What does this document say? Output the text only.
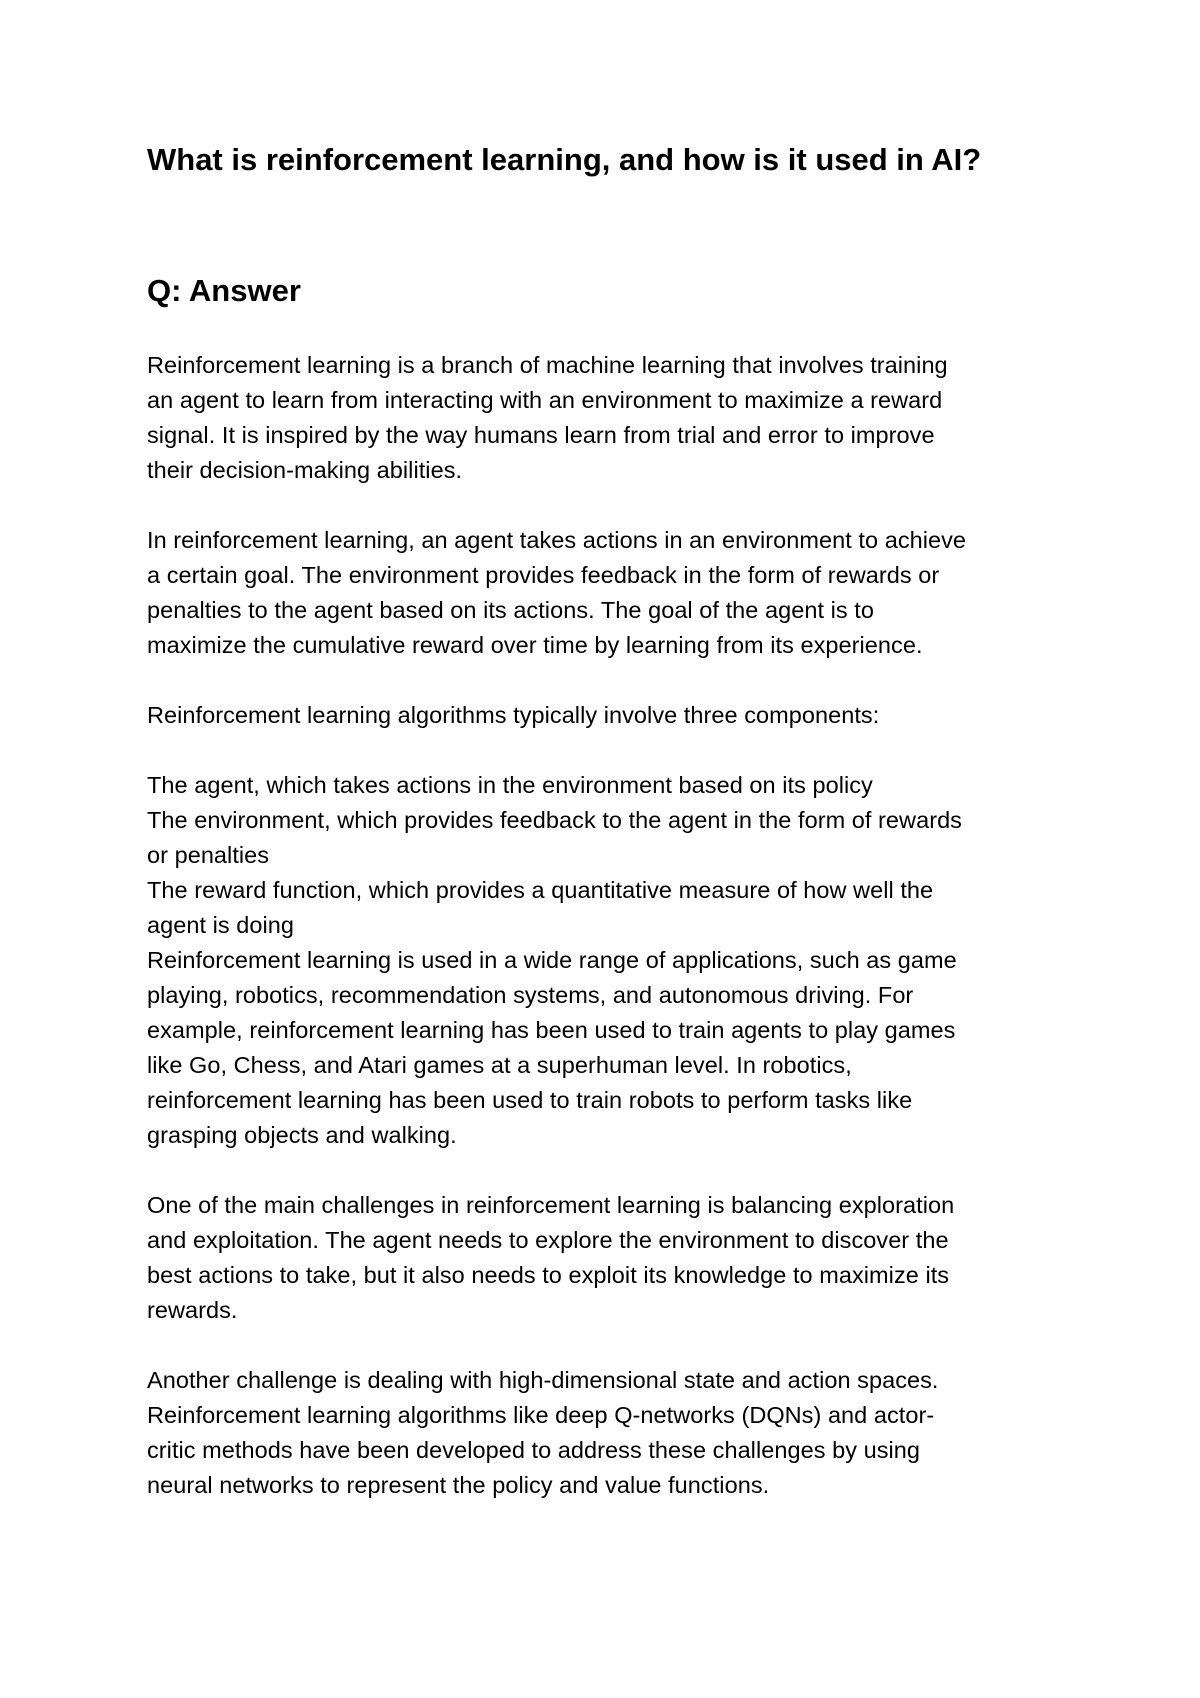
What is reinforcement learning, and how is it used in AI?
Q: Answer

Reinforcement learning is a branch of machine learning that involves training
an agent to learn from interacting with an environment to maximize a reward
signal. It is inspired by the way humans learn from trial and error to improve
their decision-making abilities.

In reinforcement learning, an agent takes actions in an environment to achieve
a certain goal. The environment provides feedback in the form of rewards or
penalties to the agent based on its actions. The goal of the agent is to
maximize the cumulative reward over time by learning from its experience.

Reinforcement learning algorithms typically involve three components:

The agent, which takes actions in the environment based on its policy
The environment, which provides feedback to the agent in the form of rewards
or penalties
The reward function, which provides a quantitative measure of how well the
agent is doing
Reinforcement learning is used in a wide range of applications, such as game
playing, robotics, recommendation systems, and autonomous driving. For
example, reinforcement learning has been used to train agents to play games
like Go, Chess, and Atari games at a superhuman level. In robotics,
reinforcement learning has been used to train robots to perform tasks like
grasping objects and walking.

One of the main challenges in reinforcement learning is balancing exploration
and exploitation. The agent needs to explore the environment to discover the
best actions to take, but it also needs to exploit its knowledge to maximize its
rewards.

Another challenge is dealing with high-dimensional state and action spaces.
Reinforcement learning algorithms like deep Q-networks (DQNs) and actor-
critic methods have been developed to address these challenges by using
neural networks to represent the policy and value functions.
